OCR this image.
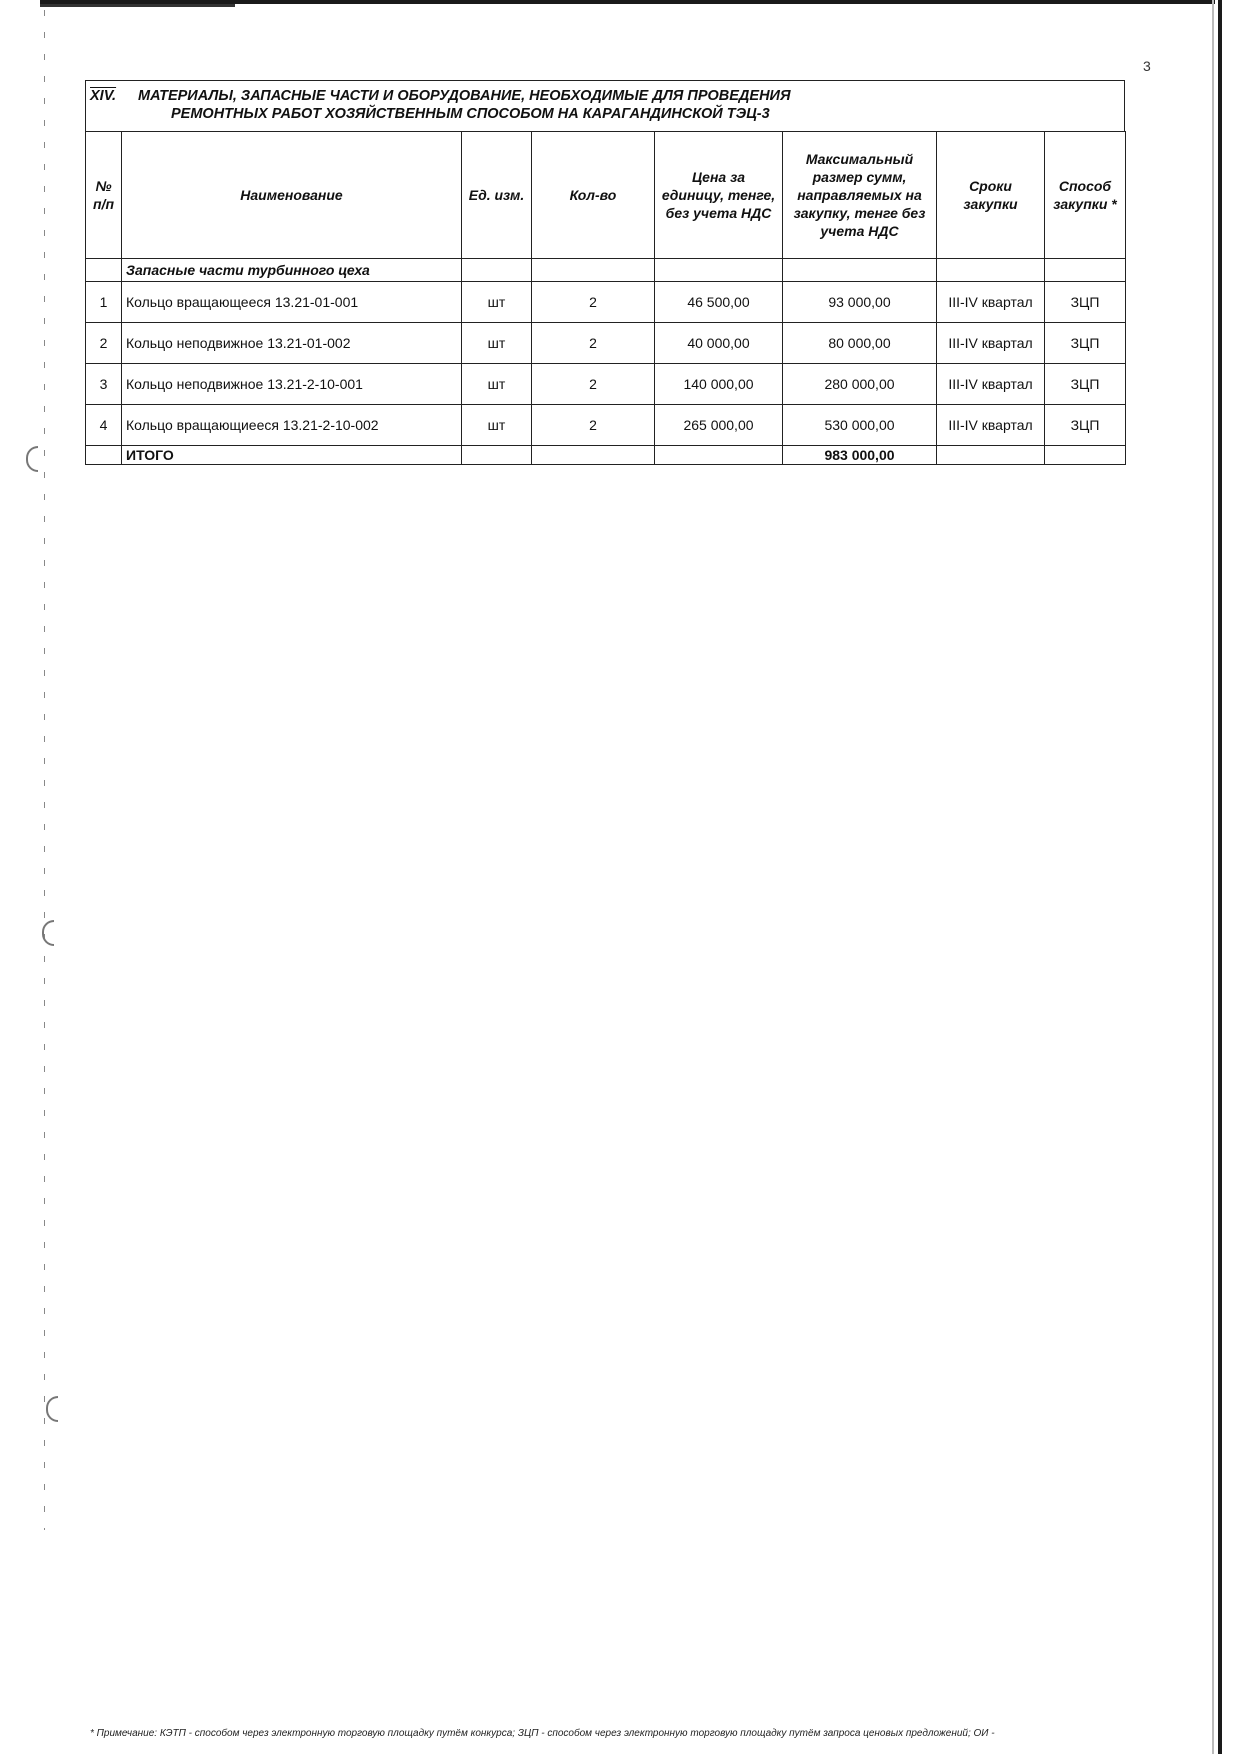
3
XIV.	МАТЕРИАЛЫ, ЗАПАСНЫЕ ЧАСТИ И ОБОРУДОВАНИЕ, НЕОБХОДИМЫЕ ДЛЯ ПРОВЕДЕНИЯ
РЕМОНТНЫХ РАБОТ ХОЗЯЙСТВЕННЫМ СПОСОБОМ НА КАРАГАНДИНСКОЙ ТЭЦ-3
№ п/п	Наименование	Ед. изм.	Кол-во	Цена за единицу, тенге, без учета НДС	Максимальный размер сумм, направляемых на закупку, тенге без учета НДС	Сроки закупки	Способ закупки *
	Запасные части турбинного цеха						
1	Кольцо вращающееся 13.21-01-001	шт	2	46 500,00	93 000,00	III-IV квартал	ЗЦП
2	Кольцо неподвижное 13.21-01-002	шт	2	40 000,00	80 000,00	III-IV квартал	ЗЦП
3	Кольцо неподвижное 13.21-2-10-001	шт	2	140 000,00	280 000,00	III-IV квартал	ЗЦП
4	Кольцо вращающиееся 13.21-2-10-002	шт	2	265 000,00	530 000,00	III-IV квартал	ЗЦП
	ИТОГО				983 000,00		
* Примечание: КЭТП - способом через электронную торговую площадку путём конкурса; ЗЦП - способом через электронную торговую площадку путём запроса ценовых предложений; ОИ -
